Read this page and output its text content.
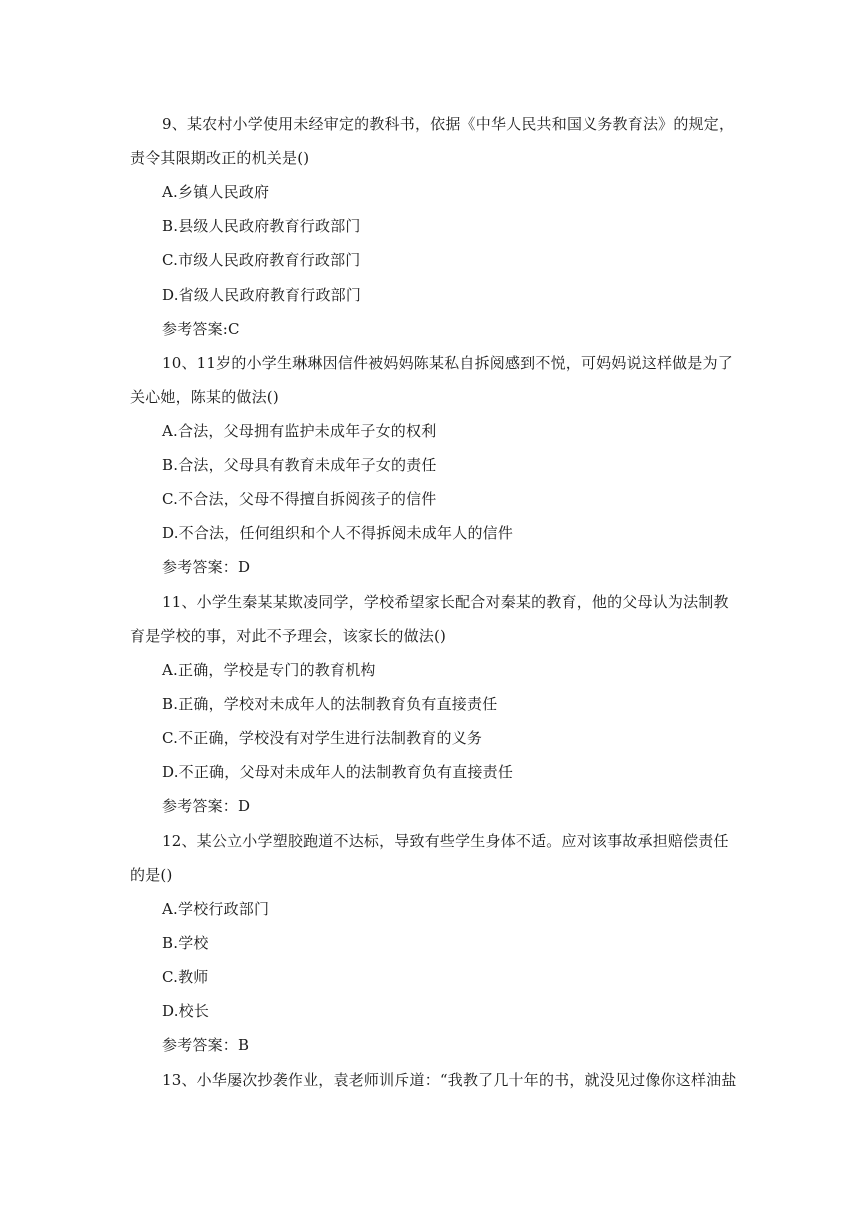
9、某农村小学使用未经审定的教科书，依据《中华人民共和国义务教育法》的规定，
责令其限期改正的机关是()
A.乡镇人民政府
B.县级人民政府教育行政部门
C.市级人民政府教育行政部门
D.省级人民政府教育行政部门
参考答案:C
10、11岁的小学生琳琳因信件被妈妈陈某私自拆阅感到不悦，可妈妈说这样做是为了
关心她，陈某的做法()
A.合法，父母拥有监护未成年子女的权利
B.合法，父母具有教育未成年子女的责任
C.不合法，父母不得擅自拆阅孩子的信件
D.不合法，任何组织和个人不得拆阅未成年人的信件
参考答案：D
11、小学生秦某某欺凌同学，学校希望家长配合对秦某的教育，他的父母认为法制教
育是学校的事，对此不予理会，该家长的做法()
A.正确，学校是专门的教育机构
B.正确，学校对未成年人的法制教育负有直接责任
C.不正确，学校没有对学生进行法制教育的义务
D.不正确，父母对未成年人的法制教育负有直接责任
参考答案：D
12、某公立小学塑胶跑道不达标，导致有些学生身体不适。应对该事故承担赔偿责任
的是()
A.学校行政部门
B.学校
C.教师
D.校长
参考答案：B
13、小华屡次抄袭作业，袁老师训斥道：“我教了几十年的书，就没见过像你这样油盐
